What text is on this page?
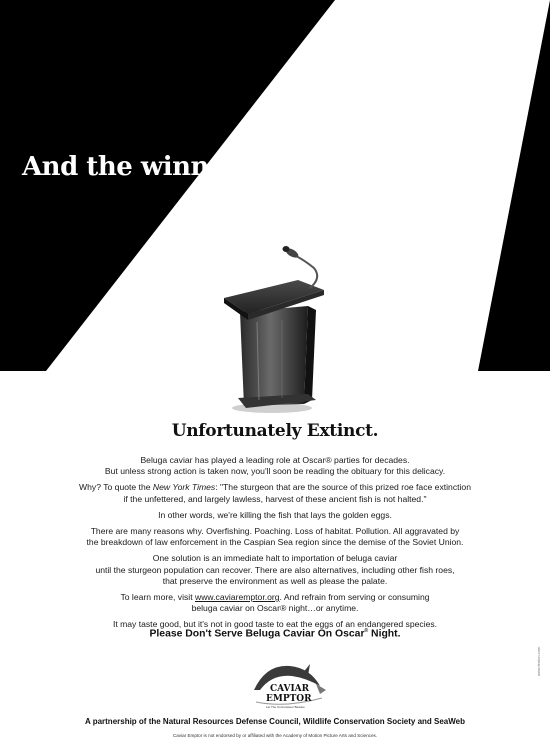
And the winner is...
Unfortunately Extinct.

Beluga caviar has played a leading role at Oscar® parties for decades.
But unless strong action is taken now, you'll soon be reading the obituary for this delicacy.

Why? To quote the New York Times: "The sturgeon that are the source of this prized roe face extinction
if the unfettered, and largely lawless, harvest of these ancient fish is not halted."

In other words, we're killing the fish that lays the golden eggs.

There are many reasons why. Overfishing. Poaching. Loss of habitat. Pollution. All aggravated by
the breakdown of law enforcement in the Caspian Sea region since the demise of the Soviet Union.

One solution is an immediate halt to importation of beluga caviar
until the sturgeon population can recover. There are also alternatives, including other fish roes,
that preserve the environment as well as please the palate.

To learn more, visit www.caviaremptor.org. And refrain from serving or consuming
beluga caviar on Oscar® night…or anytime.

It may taste good, but it's not in good taste to eat the eggs of an endangered species.

Please Don't Serve Beluga Caviar On Oscar® Night.

CAVIAR
EMPTOR
Let The Connoisseur Beware

A partnership of the Natural Resources Defense Council, Wildlife Conservation Society and SeaWeb

Caviar Emptor is not endorsed by or affiliated with the Academy of Motion Picture Arts and Sciences.

www.fenton.com
